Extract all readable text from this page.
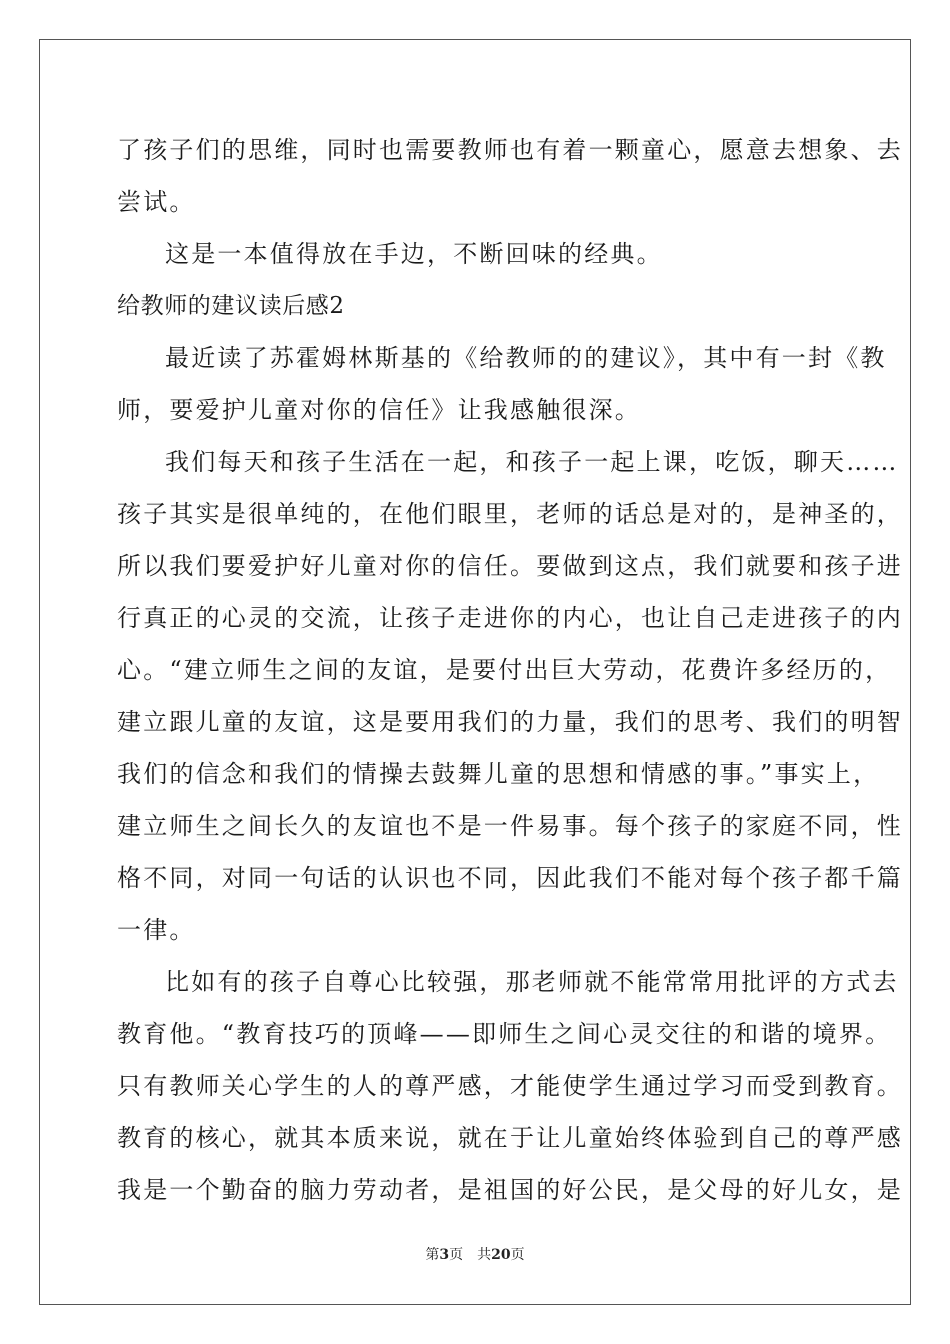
了孩子们的思维，同时也需要教师也有着一颗童心，愿意去想象、去
尝试。
这是一本值得放在手边，不断回味的经典。
给教师的建议读后感2
最近读了苏霍姆林斯基的《给教师的的建议》，其中有一封《教
师，要爱护儿童对你的信任》让我感触很深。
我们每天和孩子生活在一起，和孩子一起上课，吃饭，聊天……
孩子其实是很单纯的，在他们眼里，老师的话总是对的，是神圣的，
所以我们要爱护好儿童对你的信任。要做到这点，我们就要和孩子进
行真正的心灵的交流，让孩子走进你的内心，也让自己走进孩子的内
心。“建立师生之间的友谊，是要付出巨大劳动，花费许多经历的，
建立跟儿童的友谊，这是要用我们的力量，我们的思考、我们的明智
我们的信念和我们的情操去鼓舞儿童的思想和情感的事。”事实上，
建立师生之间长久的友谊也不是一件易事。每个孩子的家庭不同，性
格不同，对同一句话的认识也不同，因此我们不能对每个孩子都千篇
一律。
比如有的孩子自尊心比较强，那老师就不能常常用批评的方式去
教育他。“教育技巧的顶峰——即师生之间心灵交往的和谐的境界。
只有教师关心学生的人的尊严感，才能使学生通过学习而受到教育。
教育的核心，就其本质来说，就在于让儿童始终体验到自己的尊严感
我是一个勤奋的脑力劳动者，是祖国的好公民，是父母的好儿女，是
第3页 共20页
